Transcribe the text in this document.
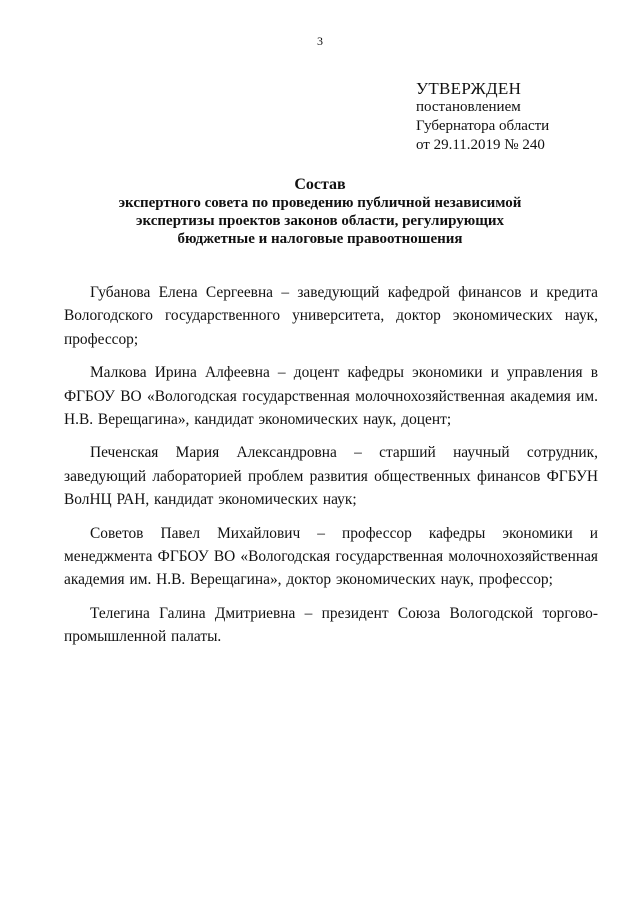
3
УТВЕРЖДЕН
постановлением
Губернатора области
от 29.11.2019 № 240
Состав
экспертного совета по проведению публичной независимой
экспертизы проектов законов области, регулирующих
бюджетные и налоговые правоотношения

Губанова Елена Сергеевна – заведующий кафедрой финансов и кредита Вологодского государственного университета, доктор экономических наук, профессор;

Малкова Ирина Алфеевна – доцент кафедры экономики и управления в ФГБОУ ВО «Вологодская государственная молочнохозяйственная академия им. Н.В. Верещагина», кандидат экономических наук, доцент;

Печенская Мария Александровна – старший научный сотрудник, заведующий лабораторией проблем развития общественных финансов ФГБУН ВолНЦ РАН, кандидат экономических наук;

Советов Павел Михайлович – профессор кафедры экономики и менеджмента ФГБОУ ВО «Вологодская государственная молочнохозяйственная академия им. Н.В. Верещагина», доктор экономических наук, профессор;

Телегина Галина Дмитриевна – президент Союза Вологодской торгово-промышленной палаты.
